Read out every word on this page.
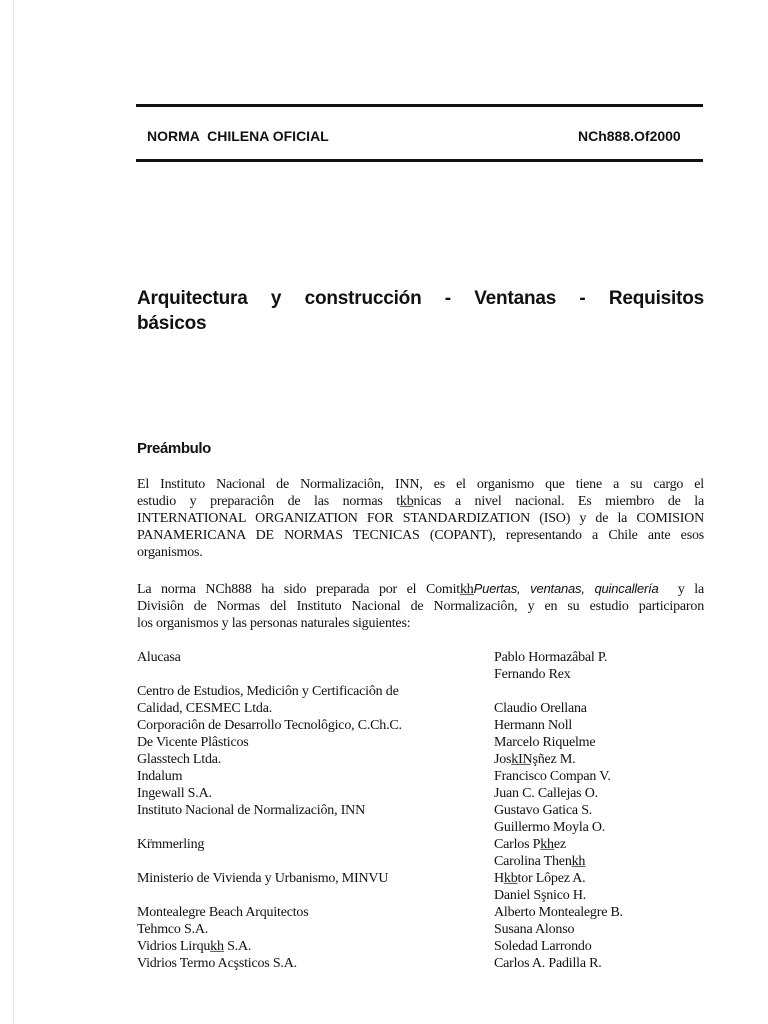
NORMA  CHILENA OFICIAL	NCh888.Of2000
Arquitectura y construcción - Ventanas - Requisitos
básicos
Preámbulo
El Instituto Nacional de Normalizaciôn, INN, es el organismo que tiene a su cargo el
estudio y preparaciôn de las normas tk̲b̲nicas a nivel nacional. Es miembro de la
INTERNATIONAL ORGANIZATION FOR STANDARDIZATION (ISO) y de la COMISION
PANAMERICANA DE NORMAS TECNICAS (COPANT), representando a Chile ante esos
organismos.
La norma NCh888 ha sido preparada por el Comitk̲h̲Puertas, ventanas, quincallería  y la
Divisiôn de Normas del Instituto Nacional de Normalizaciôn, y en su estudio participaron
los organismos y las personas naturales siguientes:
Alucasa
Centro de Estudios, Mediciôn y Certificaciôn de
Calidad, CESMEC Ltda.
Corporaciôn de Desarrollo Tecnolôgico, C.Ch.C.
De Vicente Plâsticos
Glasstech Ltda.
Indalum
Ingewall S.A.
Instituto Nacional de Normalizaciôn, INN
Kr̈mmerling
Ministerio de Vivienda y Urbanismo, MINVU
Montealegre Beach Arquitectos
Tehmco S.A.
Vidrios Lirquk̲h̲ S.A.
Vidrios Termo Acşsticos S.A.
Pablo Hormazâbal P.
Fernando Rex
Claudio Orellana
Hermann Noll
Marcelo Riquelme
Josk̲I̲N̲şñez M.
Francisco Compan V.
Juan C. Callejas O.
Gustavo Gatica S.
Guillermo Moyla O.
Carlos Pk̲h̲ez
Carolina Thenk̲h̲
Hk̲b̲tor Lôpez A.
Daniel Sşnico H.
Alberto Montealegre B.
Susana Alonso
Soledad Larrondo
Carlos A. Padilla R.
